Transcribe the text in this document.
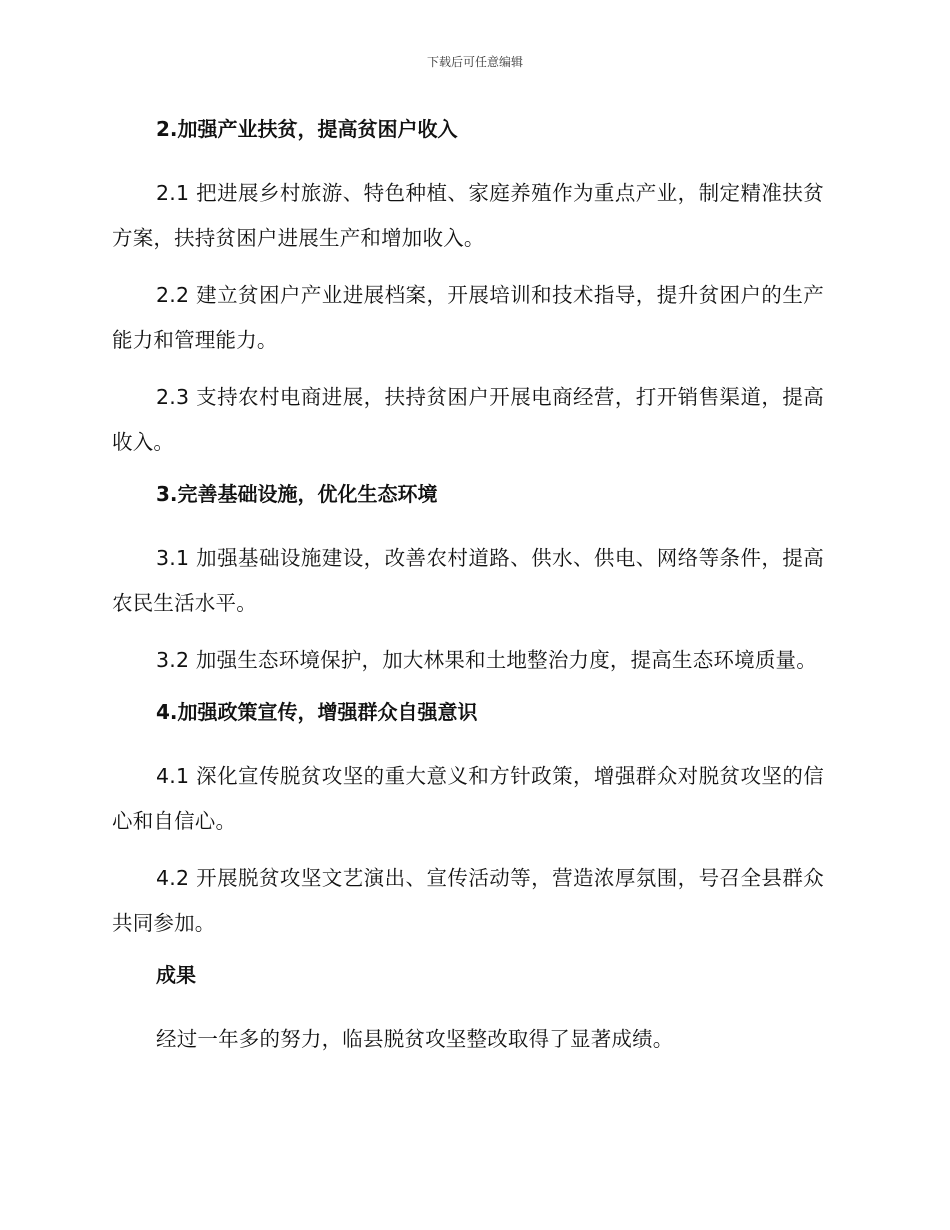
下载后可任意编辑
2.加强产业扶贫，提高贫困户收入

2.1 把进展乡村旅游、特色种植、家庭养殖作为重点产业，制定精准扶贫方案，扶持贫困户进展生产和增加收入。

2.2 建立贫困户产业进展档案，开展培训和技术指导，提升贫困户的生产能力和管理能力。

2.3 支持农村电商进展，扶持贫困户开展电商经营，打开销售渠道，提高收入。

3.完善基础设施，优化生态环境

3.1 加强基础设施建设，改善农村道路、供水、供电、网络等条件，提高农民生活水平。

3.2 加强生态环境保护，加大林果和土地整治力度，提高生态环境质量。

4.加强政策宣传，增强群众自强意识

4.1 深化宣传脱贫攻坚的重大意义和方针政策，增强群众对脱贫攻坚的信心和自信心。

4.2 开展脱贫攻坚文艺演出、宣传活动等，营造浓厚氛围，号召全县群众共同参加。

成果

经过一年多的努力，临县脱贫攻坚整改取得了显著成绩。
